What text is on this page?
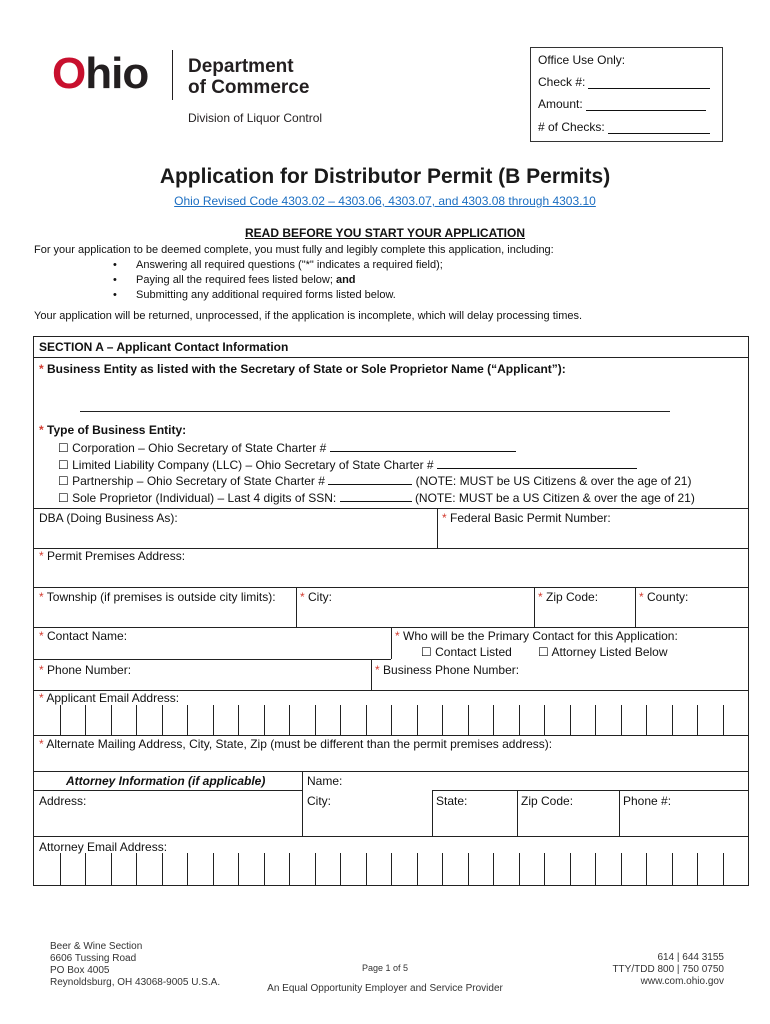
Ohio Department
of Commerce
Division of Liquor Control
Office Use Only:
Check #:
Amount:
# of Checks:
Application for Distributor Permit (B Permits)
Ohio Revised Code 4303.02 – 4303.06, 4303.07, and 4303.08 through 4303.10
READ BEFORE YOU START YOUR APPLICATION
For your application to be deemed complete, you must fully and legibly complete this application, including:
• Answering all required questions ("*" indicates a required field);
• Paying all the required fees listed below; and
• Submitting any additional required forms listed below.
Your application will be returned, unprocessed, if the application is incomplete, which will delay processing times.
SECTION A – Applicant Contact Information
* Business Entity as listed with the Secretary of State or Sole Proprietor Name (“Applicant”):
* Type of Business Entity:
☐ Corporation – Ohio Secretary of State Charter #
☐ Limited Liability Company (LLC) – Ohio Secretary of State Charter #
☐ Partnership – Ohio Secretary of State Charter #	(NOTE: MUST be US Citizens & over the age of 21)
☐ Sole Proprietor (Individual) – Last 4 digits of SSN:	(NOTE: MUST be a US Citizen & over the age of 21)
DBA (Doing Business As):	* Federal Basic Permit Number:
* Permit Premises Address:
* Township (if premises is outside city limits): * City:	* Zip Code:	* County:
* Contact Name:	* Who will be the Primary Contact for this Application:
☐ Contact Listed ☐ Attorney Listed Below
* Phone Number:	* Business Phone Number:
* Applicant Email Address:
* Alternate Mailing Address, City, State, Zip (must be different than the permit premises address):
Attorney Information (if applicable)	Name:
Address:	City:	State:	Zip Code:	Phone #:
Attorney Email Address:
Beer & Wine Section
6606 Tussing Road
PO Box 4005
Reynoldsburg, OH 43068-9005 U.S.A.
Page 1 of 5
An Equal Opportunity Employer and Service Provider
614 | 644 3155
TTY/TDD 800 | 750 0750
www.com.ohio.gov
